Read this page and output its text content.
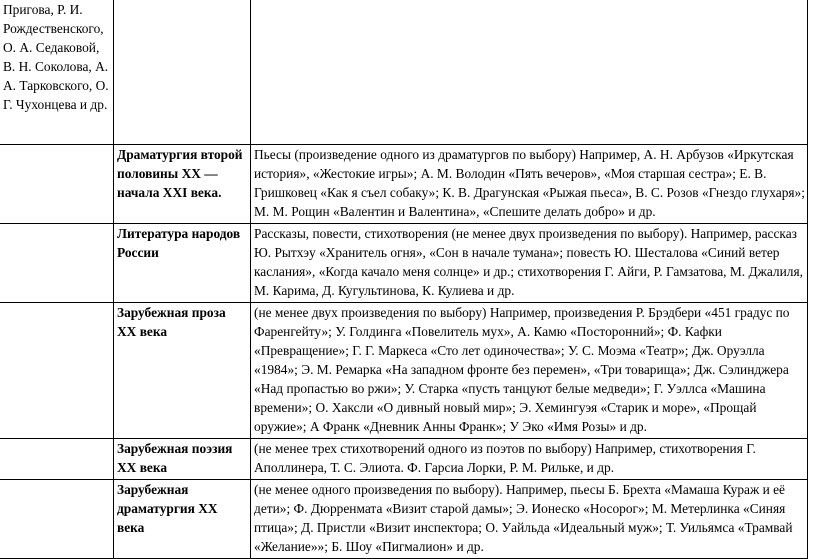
Пригова, Р. И. Рождественского, О. А. Седаковой, В. Н. Соколова, А. А. Тарковского, О. Г. Чухонцева и др.		
	Драматургия второй половины ХХ — начала XXI века.	Пьесы (произведение одного из драматургов по выбору) Например, А. Н. Арбузов «Иркутская история», «Жестокие игры»; А. М. Володин «Пять вечеров», «Моя старшая сестра»; Е. В. Гришковец «Как я съел собаку»; К. В. Драгунская «Рыжая пьеса», В. С. Розов «Гнездо глухаря»; М. М. Рощин «Валентин и Валентина», «Спешите делать добро» и др.
	Литература народов России	Рассказы, повести, стихотворения (не менее двух произведения по выбору). Например, рассказ Ю. Рытхэу «Хранитель огня», «Сон в начале тумана»; повесть Ю. Шесталова «Синий ветер каслания», «Когда качало меня солнце» и др.; стихотворения Г. Айги, Р. Гамзатова, М. Джалиля, М. Карима, Д. Кугультинова, К. Кулиева и др.
	Зарубежная проза ХХ века	(не менее двух произведения по выбору) Например, произведения Р. Брэдбери «451 градус по Фаренгейту»; У. Голдинга «Повелитель мух», А. Камю «Посторонний»; Ф. Кафки «Превращение»; Г. Г. Маркеса «Сто лет одиночества»; У. С. Моэма «Театр»; Дж. Оруэлла «1984»; Э. М. Ремарка «На западном фронте без перемен», «Три товарища»; Дж. Сэлинджера «Над пропастью во ржи»; У. Старка «пусть танцуют белые медведи»; Г. Уэллса «Машина времени»; О. Хаксли «О дивный новый мир»; Э. Хемингуэя «Старик и море», «Прощай оружие»; А Франк «Дневник Анны Франк»; У Эко «Имя Розы» и др.
	Зарубежная поэзия ХХ века	(не менее трех стихотворений одного из поэтов по выбору) Например, стихотворения Г. Аполлинера, Т. С. Элиота. Ф. Гарсиа Лорки, Р. М. Рильке, и др.
	Зарубежная драматургия ХХ века	(не менее одного произведения по выбору). Например, пьесы Б. Брехта «Мамаша Кураж и её дети»; Ф. Дюрренмата «Визит старой дамы»; Э. Ионеско «Носорог»; М. Метерлинка «Синяя птица»; Д. Пристли «Визит инспектора; О. Уайльда «Идеальный муж»; Т. Уильямса «Трамвай «Желание»»; Б. Шоу «Пигмалион» и др.
